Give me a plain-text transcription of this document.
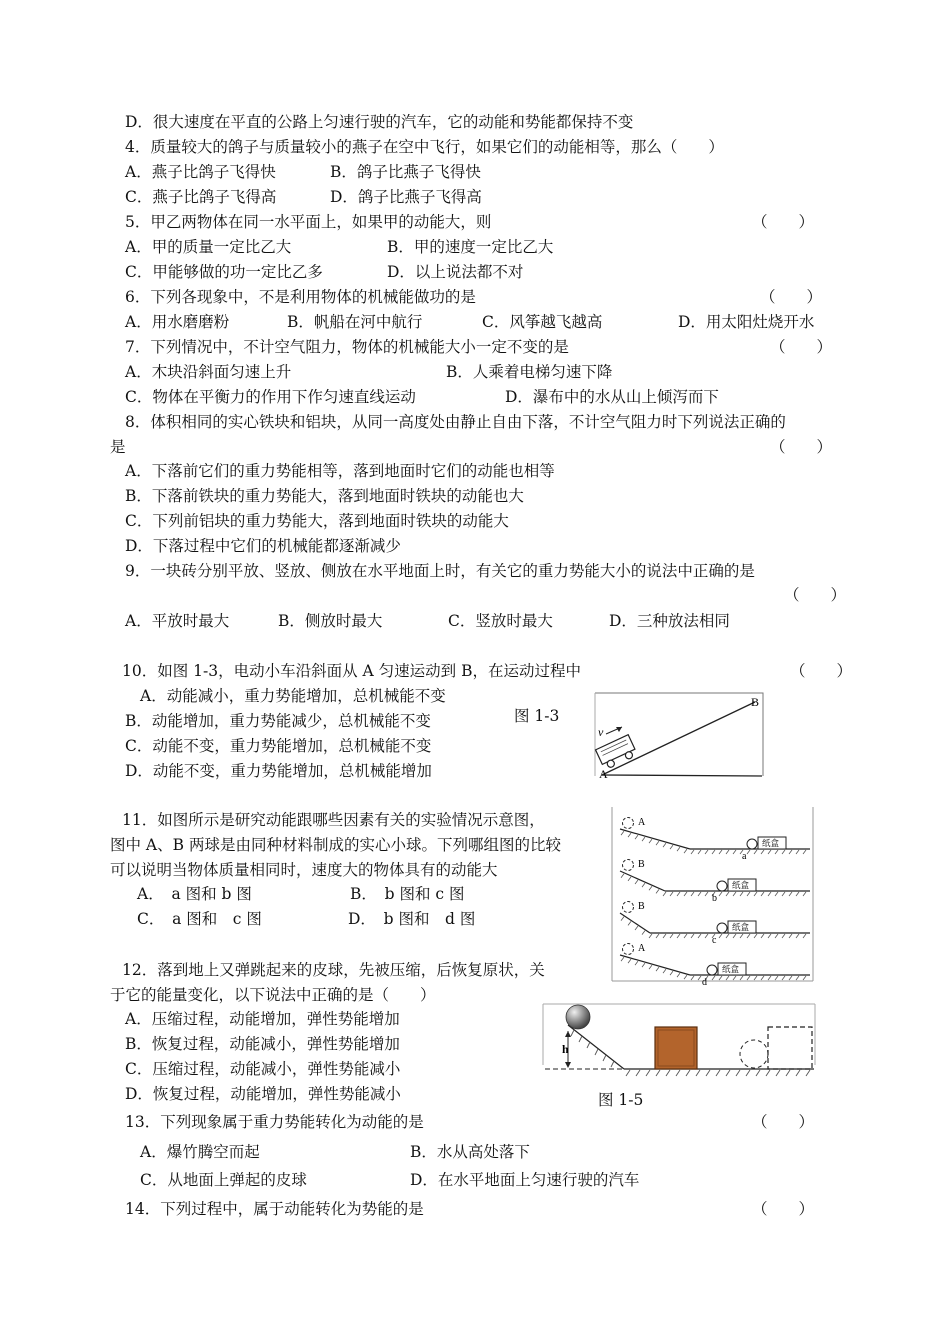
D．很大速度在平直的公路上匀速行驶的汽车，它的动能和势能都保持不变
4．质量较大的鸽子与质量较小的燕子在空中飞行，如果它们的动能相等，那么（　　）
A．燕子比鸽子飞得快	B．鸽子比燕子飞得快
C．燕子比鸽子飞得高	D．鸽子比燕子飞得高
5．甲乙两物体在同一水平面上，如果甲的动能大，则	（　　）
A．甲的质量一定比乙大	B．甲的速度一定比乙大
C．甲能够做的功一定比乙多	D．以上说法都不对
6．下列各现象中，不是利用物体的机械能做功的是	（　　）
A．用水磨磨粉	B．帆船在河中航行	C．风筝越飞越高	D．用太阳灶烧开水
7．下列情况中，不计空气阻力，物体的机械能大小一定不变的是	（　　）
A．木块沿斜面匀速上升	B．人乘着电梯匀速下降
C．物体在平衡力的作用下作匀速直线运动	D．瀑布中的水从山上倾泻而下
8．体积相同的实心铁块和铝块，从同一高度处由静止自由下落，不计空气阻力时下列说法正确的
是	（　　）
A．下落前它们的重力势能相等，落到地面时它们的动能也相等
B．下落前铁块的重力势能大，落到地面时铁块的动能也大
C．下列前铝块的重力势能大，落到地面时铁块的动能大
D．下落过程中它们的机械能都逐渐减少
9．一块砖分别平放、竖放、侧放在水平地面上时，有关它的重力势能大小的说法中正确的是
（　　）
A．平放时最大	B．侧放时最大	C．竖放时最大	D．三种放法相同
10．如图 1-3，电动小车沿斜面从 A 匀速运动到 B，在运动过程中	（　　）
A．动能减小，重力势能增加，总机械能不变
B．动能增加，重力势能减少，总机械能不变
C．动能不变，重力势能增加，总机械能不变
D．动能不变，重力势能增加，总机械能增加
图 1-3
v
A
B
11．如图所示是研究动能跟哪些因素有关的实验情况示意图，
图中 A、B 两球是由同种材料制成的实心小球。下列哪组图的比较
可以说明当物体质量相同时，速度大的物体具有的动能大
A．　a 图和 b 图	B．　b 图和 c 图
C．　a 图和　c 图	D．　b 图和　d 图
A
纸盒
a
B
纸盒
b
B
纸盒
c
A
纸盒
d
12．落到地上又弹跳起来的皮球，先被压缩，后恢复原状，关
于它的能量变化，以下说法中正确的是（　　）
A．压缩过程，动能增加，弹性势能增加
B．恢复过程，动能减小，弹性势能增加
C．压缩过程，动能减小，弹性势能减小
D．恢复过程，动能增加，弹性势能减小	图 1-5
h
13．下列现象属于重力势能转化为动能的是	（　　）
A．爆竹腾空而起	B．水从高处落下
C．从地面上弹起的皮球	D．在水平地面上匀速行驶的汽车
14．下列过程中，属于动能转化为势能的是	（　　）
